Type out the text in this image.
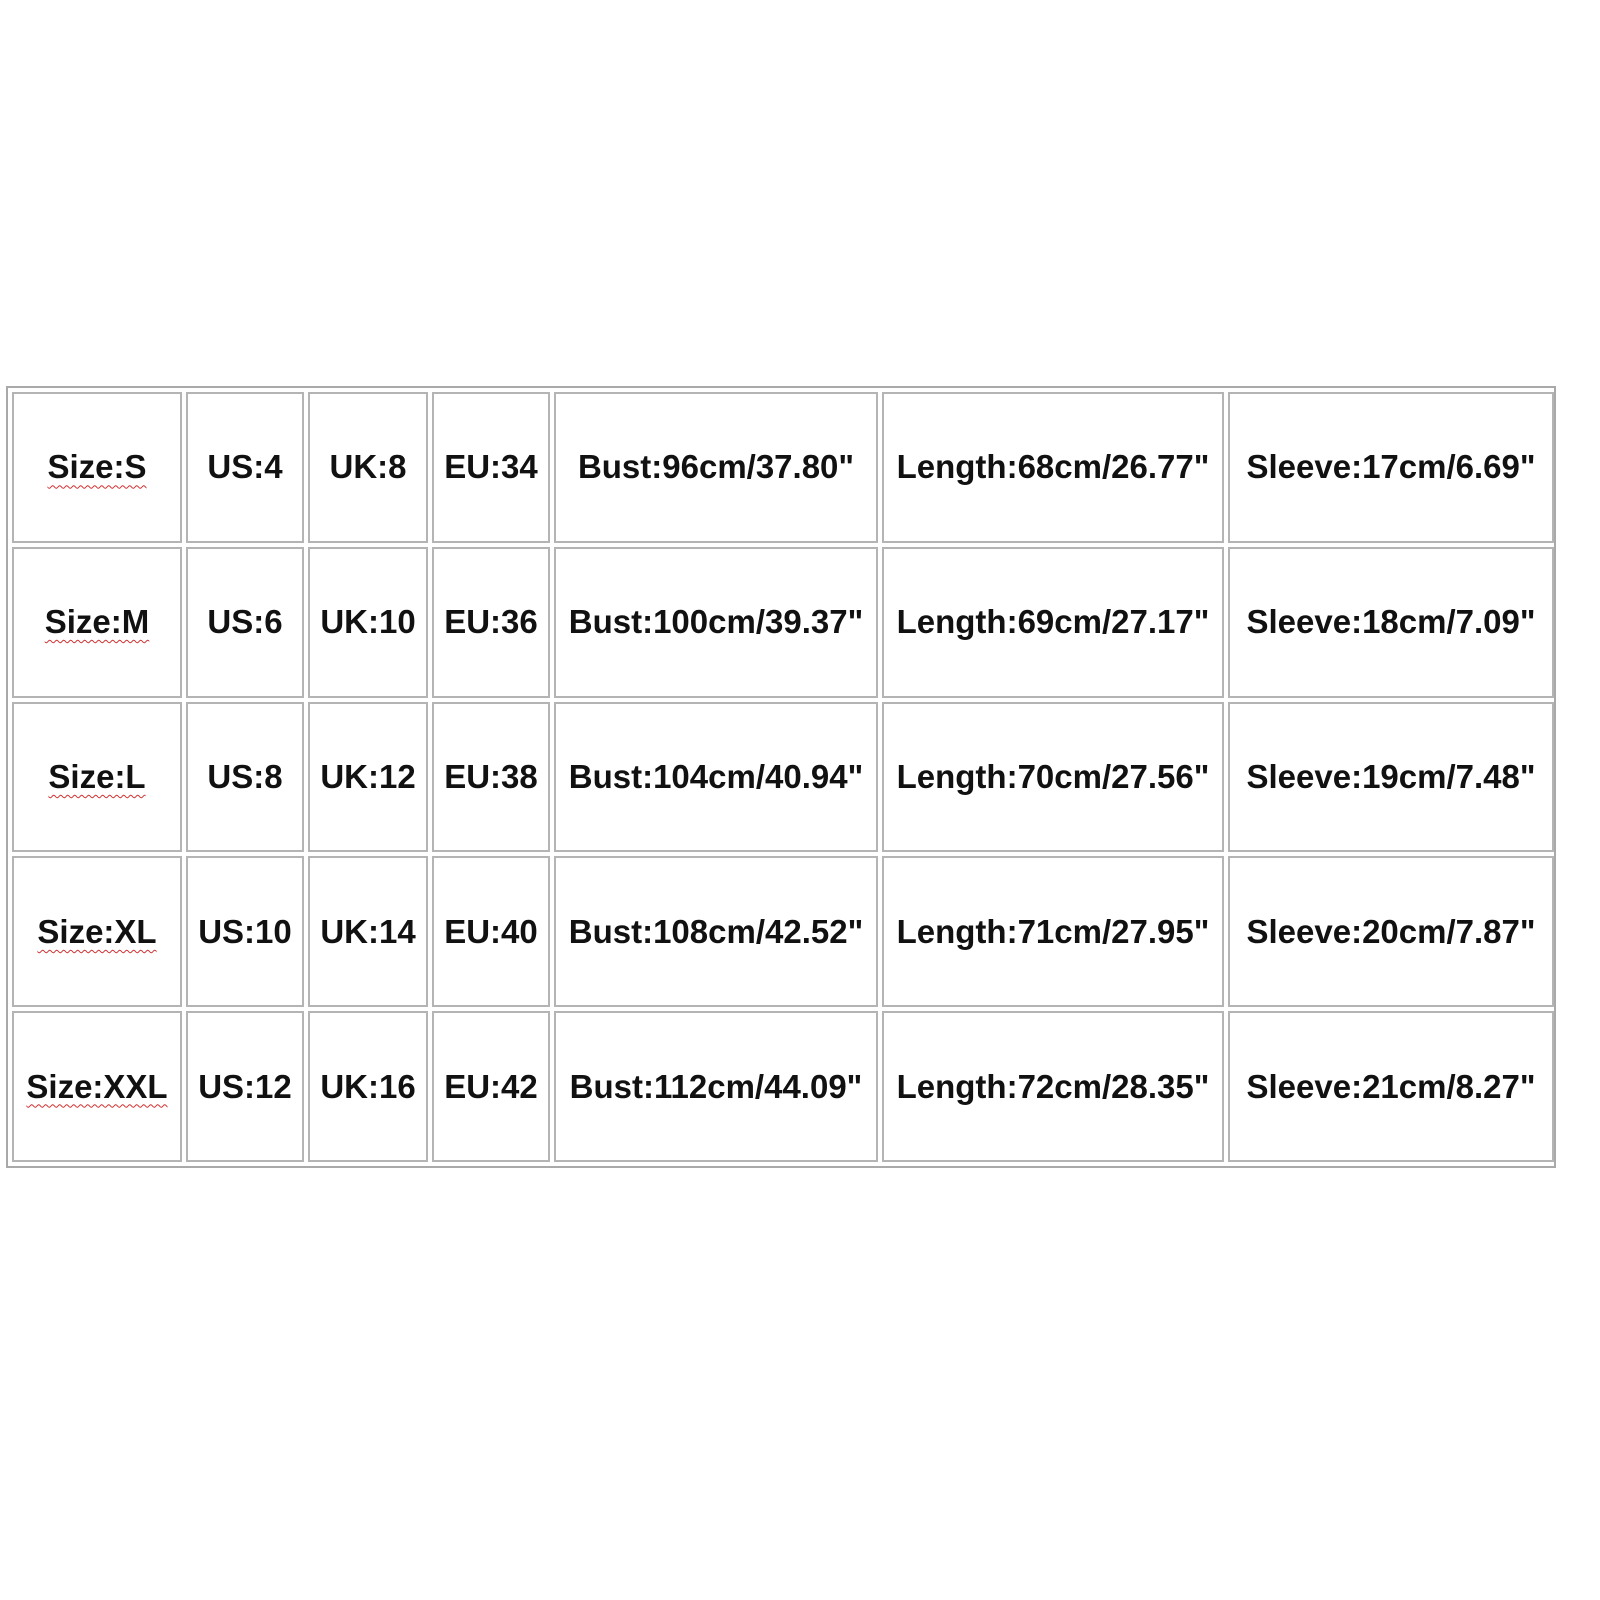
Size:S	US:4	UK:8	EU:34	Bust:96cm/37.80"	Length:68cm/26.77"	Sleeve:17cm/6.69"
Size:M	US:6	UK:10	EU:36	Bust:100cm/39.37"	Length:69cm/27.17"	Sleeve:18cm/7.09"
Size:L	US:8	UK:12	EU:38	Bust:104cm/40.94"	Length:70cm/27.56"	Sleeve:19cm/7.48"
Size:XL	US:10	UK:14	EU:40	Bust:108cm/42.52"	Length:71cm/27.95"	Sleeve:20cm/7.87"
Size:XXL	US:12	UK:16	EU:42	Bust:112cm/44.09"	Length:72cm/28.35"	Sleeve:21cm/8.27"
